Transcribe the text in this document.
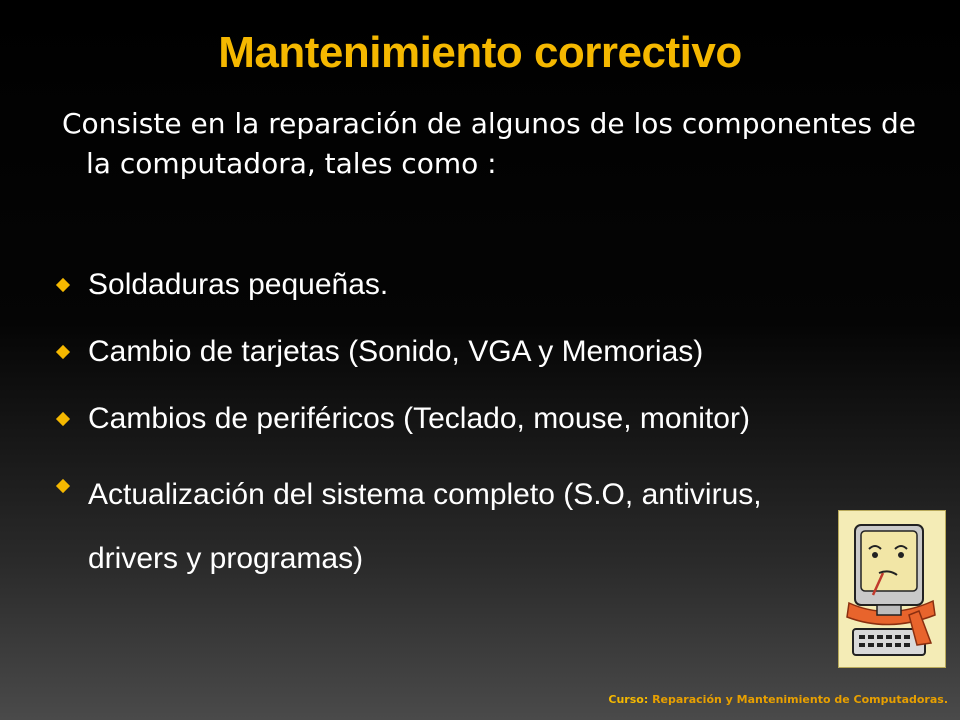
Mantenimiento correctivo
Consiste en la reparación de algunos de los componentes de la computadora, tales como :
Soldaduras pequeñas.
Cambio de tarjetas (Sonido, VGA y Memorias)
Cambios de periféricos (Teclado, mouse, monitor)
Actualización del sistema completo (S.O, antivirus, drivers y programas)
Curso: Reparación y Mantenimiento de Computadoras.
